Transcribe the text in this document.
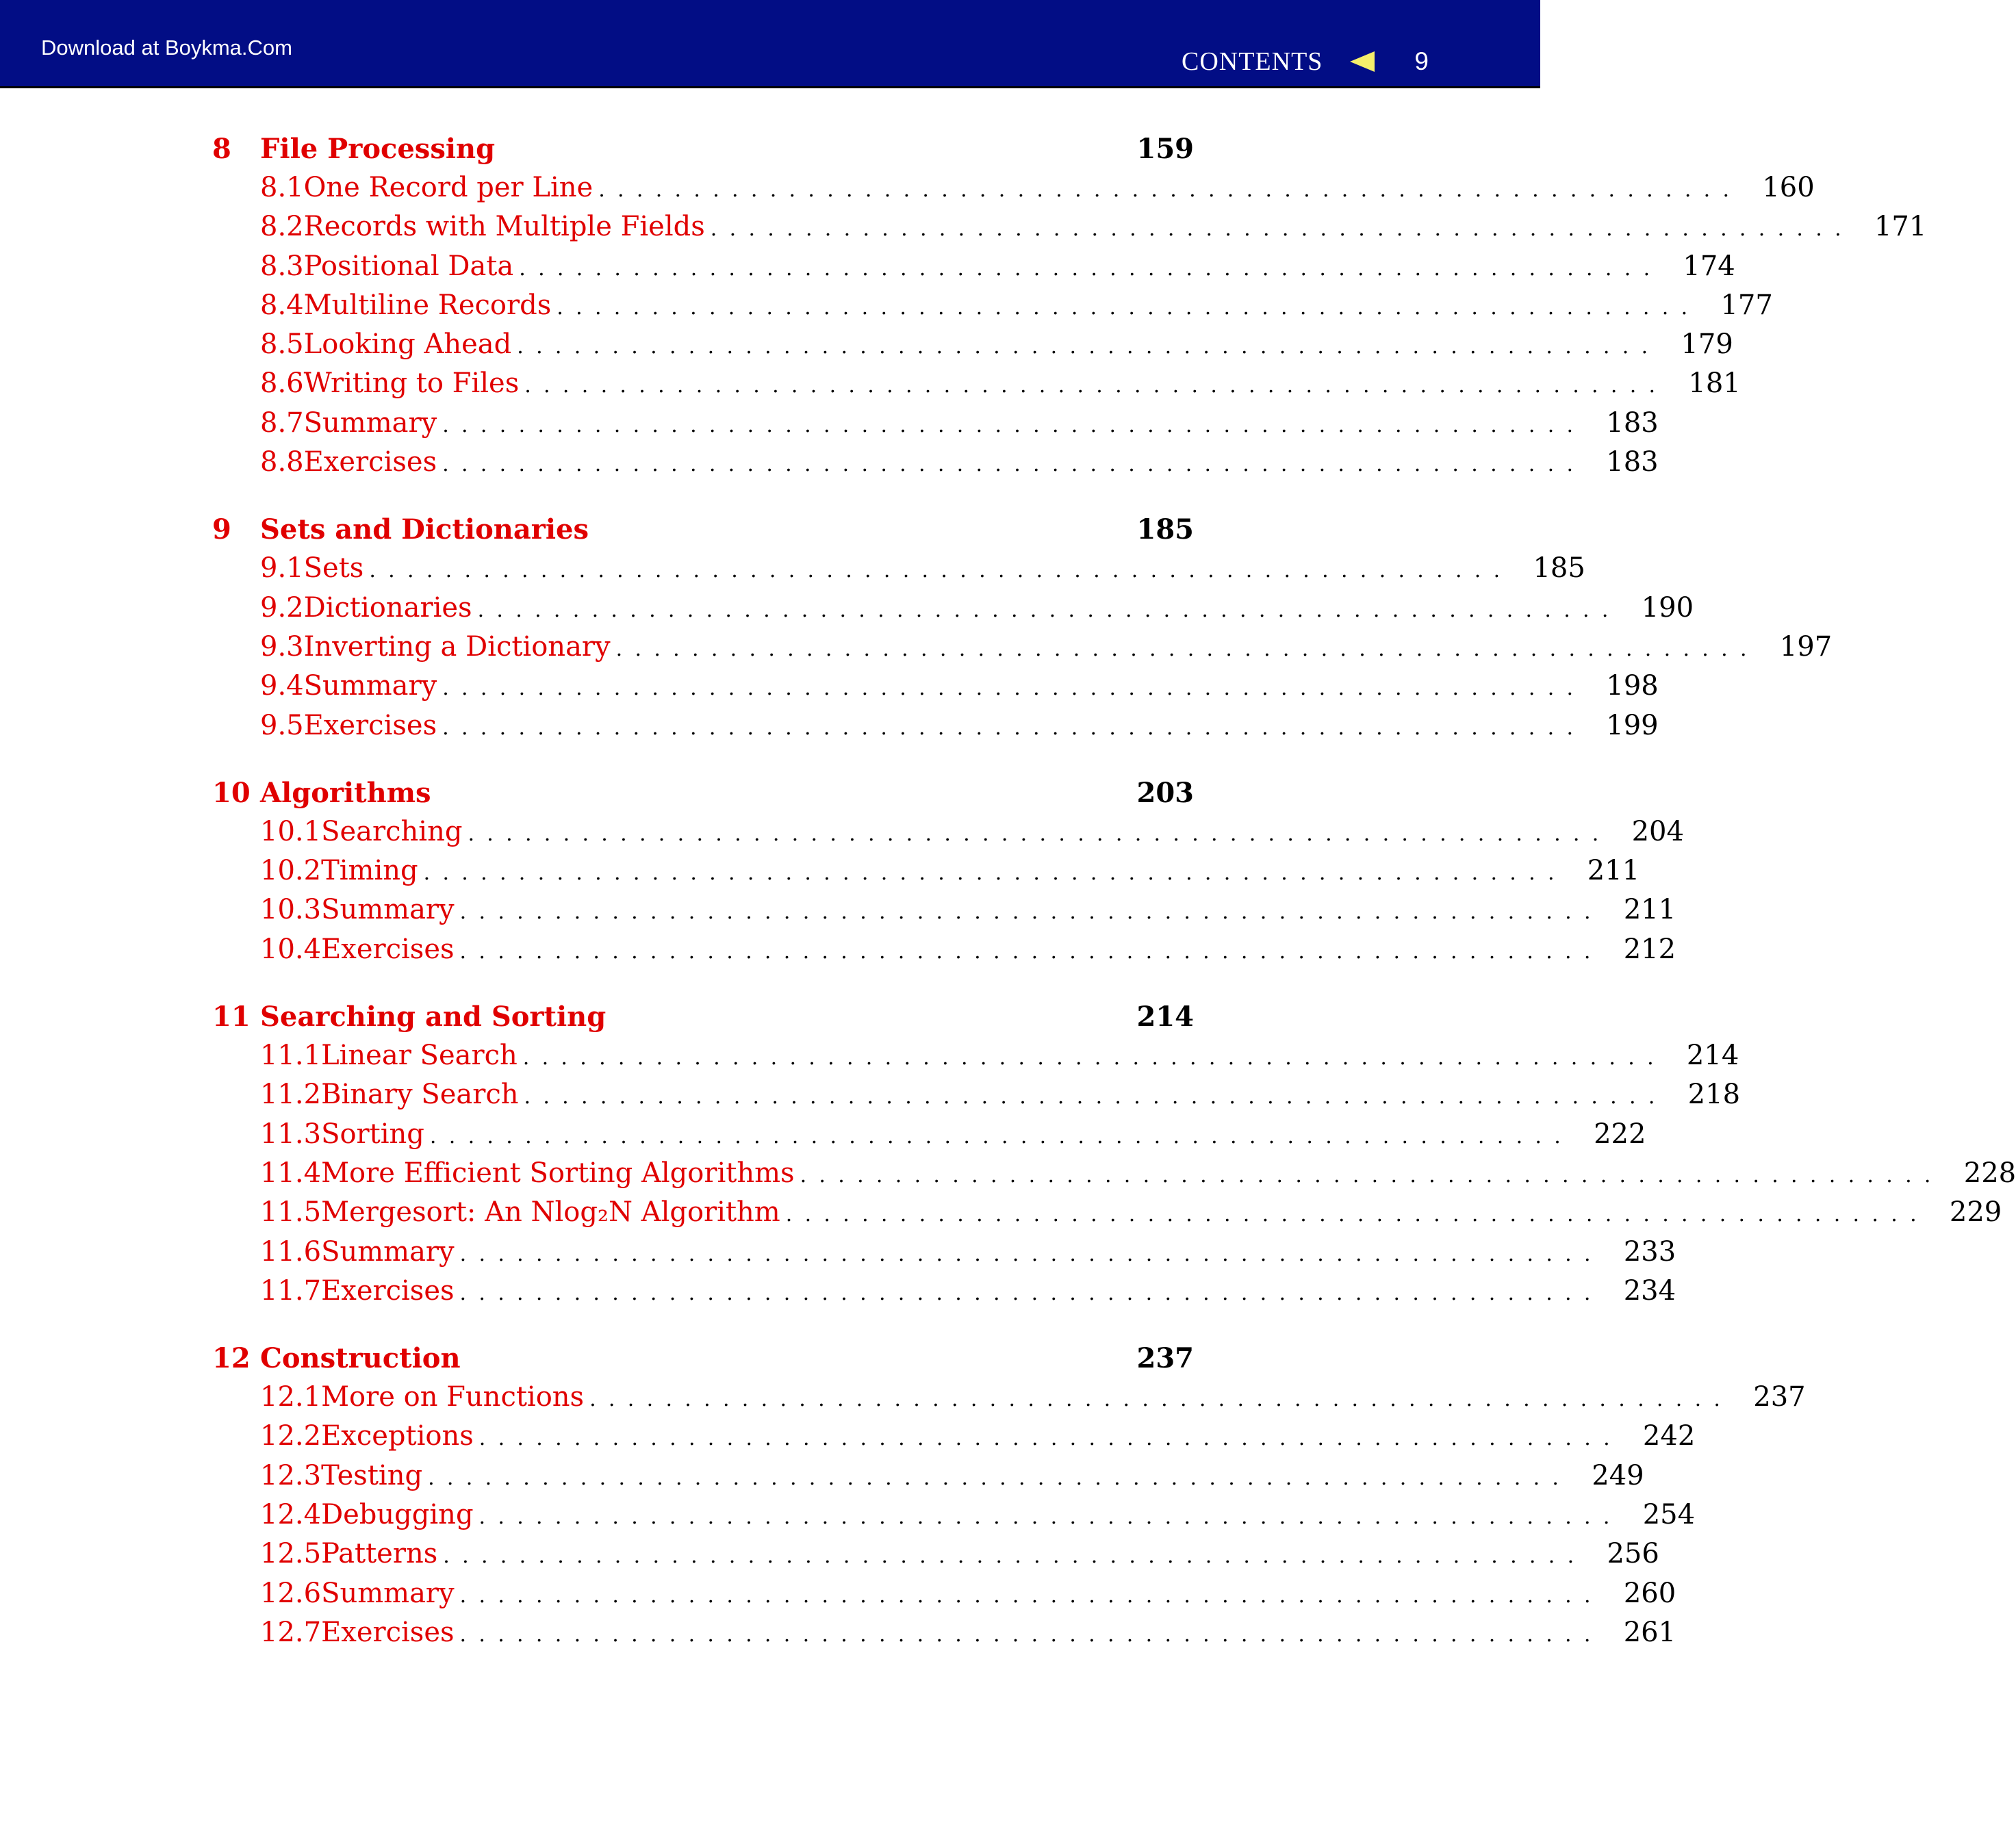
Download at Boykma.Com	CONTENTS	9
8	File Processing	159
8.1 One Record per Line ............................................................ 160
8.2 Records with Multiple Fields ............................................................ 171
8.3 Positional Data ............................................................ 174
8.4 Multiline Records ............................................................ 177
8.5 Looking Ahead ............................................................ 179
8.6 Writing to Files ............................................................ 181
8.7 Summary ............................................................ 183
8.8 Exercises ............................................................ 183
9	Sets and Dictionaries	185
9.1 Sets ............................................................ 185
9.2 Dictionaries ............................................................ 190
9.3 Inverting a Dictionary ............................................................ 197
9.4 Summary ............................................................ 198
9.5 Exercises ............................................................ 199
10 Algorithms	203
10.1 Searching ............................................................ 204
10.2 Timing ............................................................ 211
10.3 Summary ............................................................ 211
10.4 Exercises ............................................................ 212
11 Searching and Sorting	214
11.1 Linear Search ............................................................ 214
11.2 Binary Search ............................................................ 218
11.3 Sorting ............................................................ 222
11.4 More Efficient Sorting Algorithms ............................................................ 228
11.5 Mergesort: An Nlog₂N Algorithm ............................................................ 229
11.6 Summary ............................................................ 233
11.7 Exercises ............................................................ 234
12 Construction	237
12.1 More on Functions ............................................................ 237
12.2 Exceptions ............................................................ 242
12.3 Testing ............................................................ 249
12.4 Debugging ............................................................ 254
12.5 Patterns ............................................................ 256
12.6 Summary ............................................................ 260
12.7 Exercises ............................................................ 261
